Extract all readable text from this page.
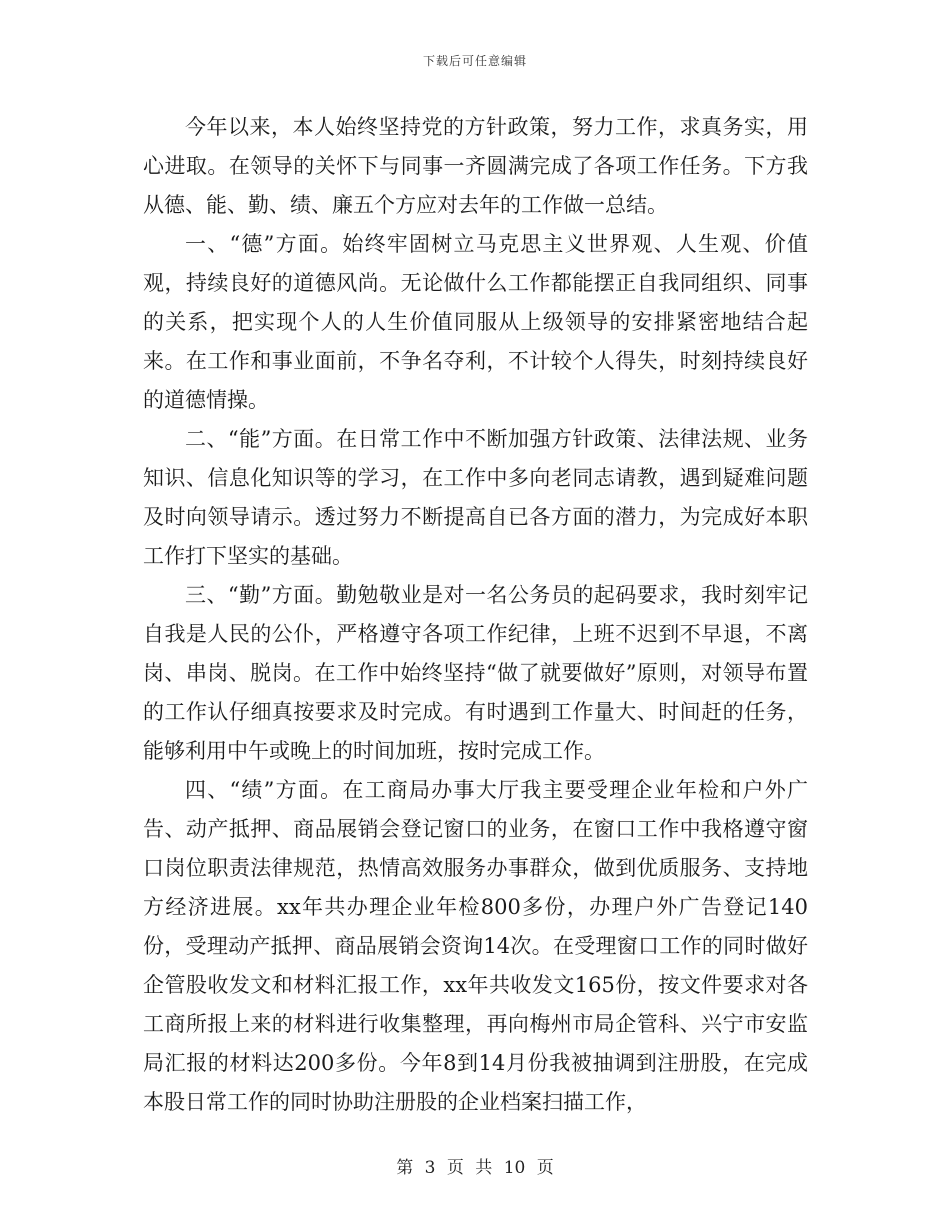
下载后可任意编辑

今年以来，本人始终坚持党的方针政策，努力工作，求真务实，用心进取。在领导的关怀下与同事一齐圆满完成了各项工作任务。下方我从德、能、勤、绩、廉五个方应对去年的工作做一总结。

一、“德”方面。始终牢固树立马克思主义世界观、人生观、价值观，持续良好的道德风尚。无论做什么工作都能摆正自我同组织、同事的关系，把实现个人的人生价值同服从上级领导的安排紧密地结合起来。在工作和事业面前，不争名夺利，不计较个人得失，时刻持续良好的道德情操。

二、“能”方面。在日常工作中不断加强方针政策、法律法规、业务知识、信息化知识等的学习，在工作中多向老同志请教，遇到疑难问题及时向领导请示。透过努力不断提高自已各方面的潜力，为完成好本职工作打下坚实的基础。

三、“勤”方面。勤勉敬业是对一名公务员的起码要求，我时刻牢记自我是人民的公仆，严格遵守各项工作纪律，上班不迟到不早退，不离岗、串岗、脱岗。在工作中始终坚持“做了就要做好”原则，对领导布置的工作认仔细真按要求及时完成。有时遇到工作量大、时间赶的任务，能够利用中午或晚上的时间加班，按时完成工作。

四、“绩”方面。在工商局办事大厅我主要受理企业年检和户外广告、动产抵押、商品展销会登记窗口的业务，在窗口工作中我格遵守窗口岗位职责法律规范，热情高效服务办事群众，做到优质服务、支持地方经济进展。xx年共办理企业年检800多份，办理户外广告登记140份，受理动产抵押、商品展销会资询14次。在受理窗口工作的同时做好企管股收发文和材料汇报工作，xx年共收发文165份，按文件要求对各工商所报上来的材料进行收集整理，再向梅州市局企管科、兴宁市安监局汇报的材料达200多份。今年8到14月份我被抽调到注册股，在完成本股日常工作的同时协助注册股的企业档案扫描工作，

第 3 页 共 10 页
